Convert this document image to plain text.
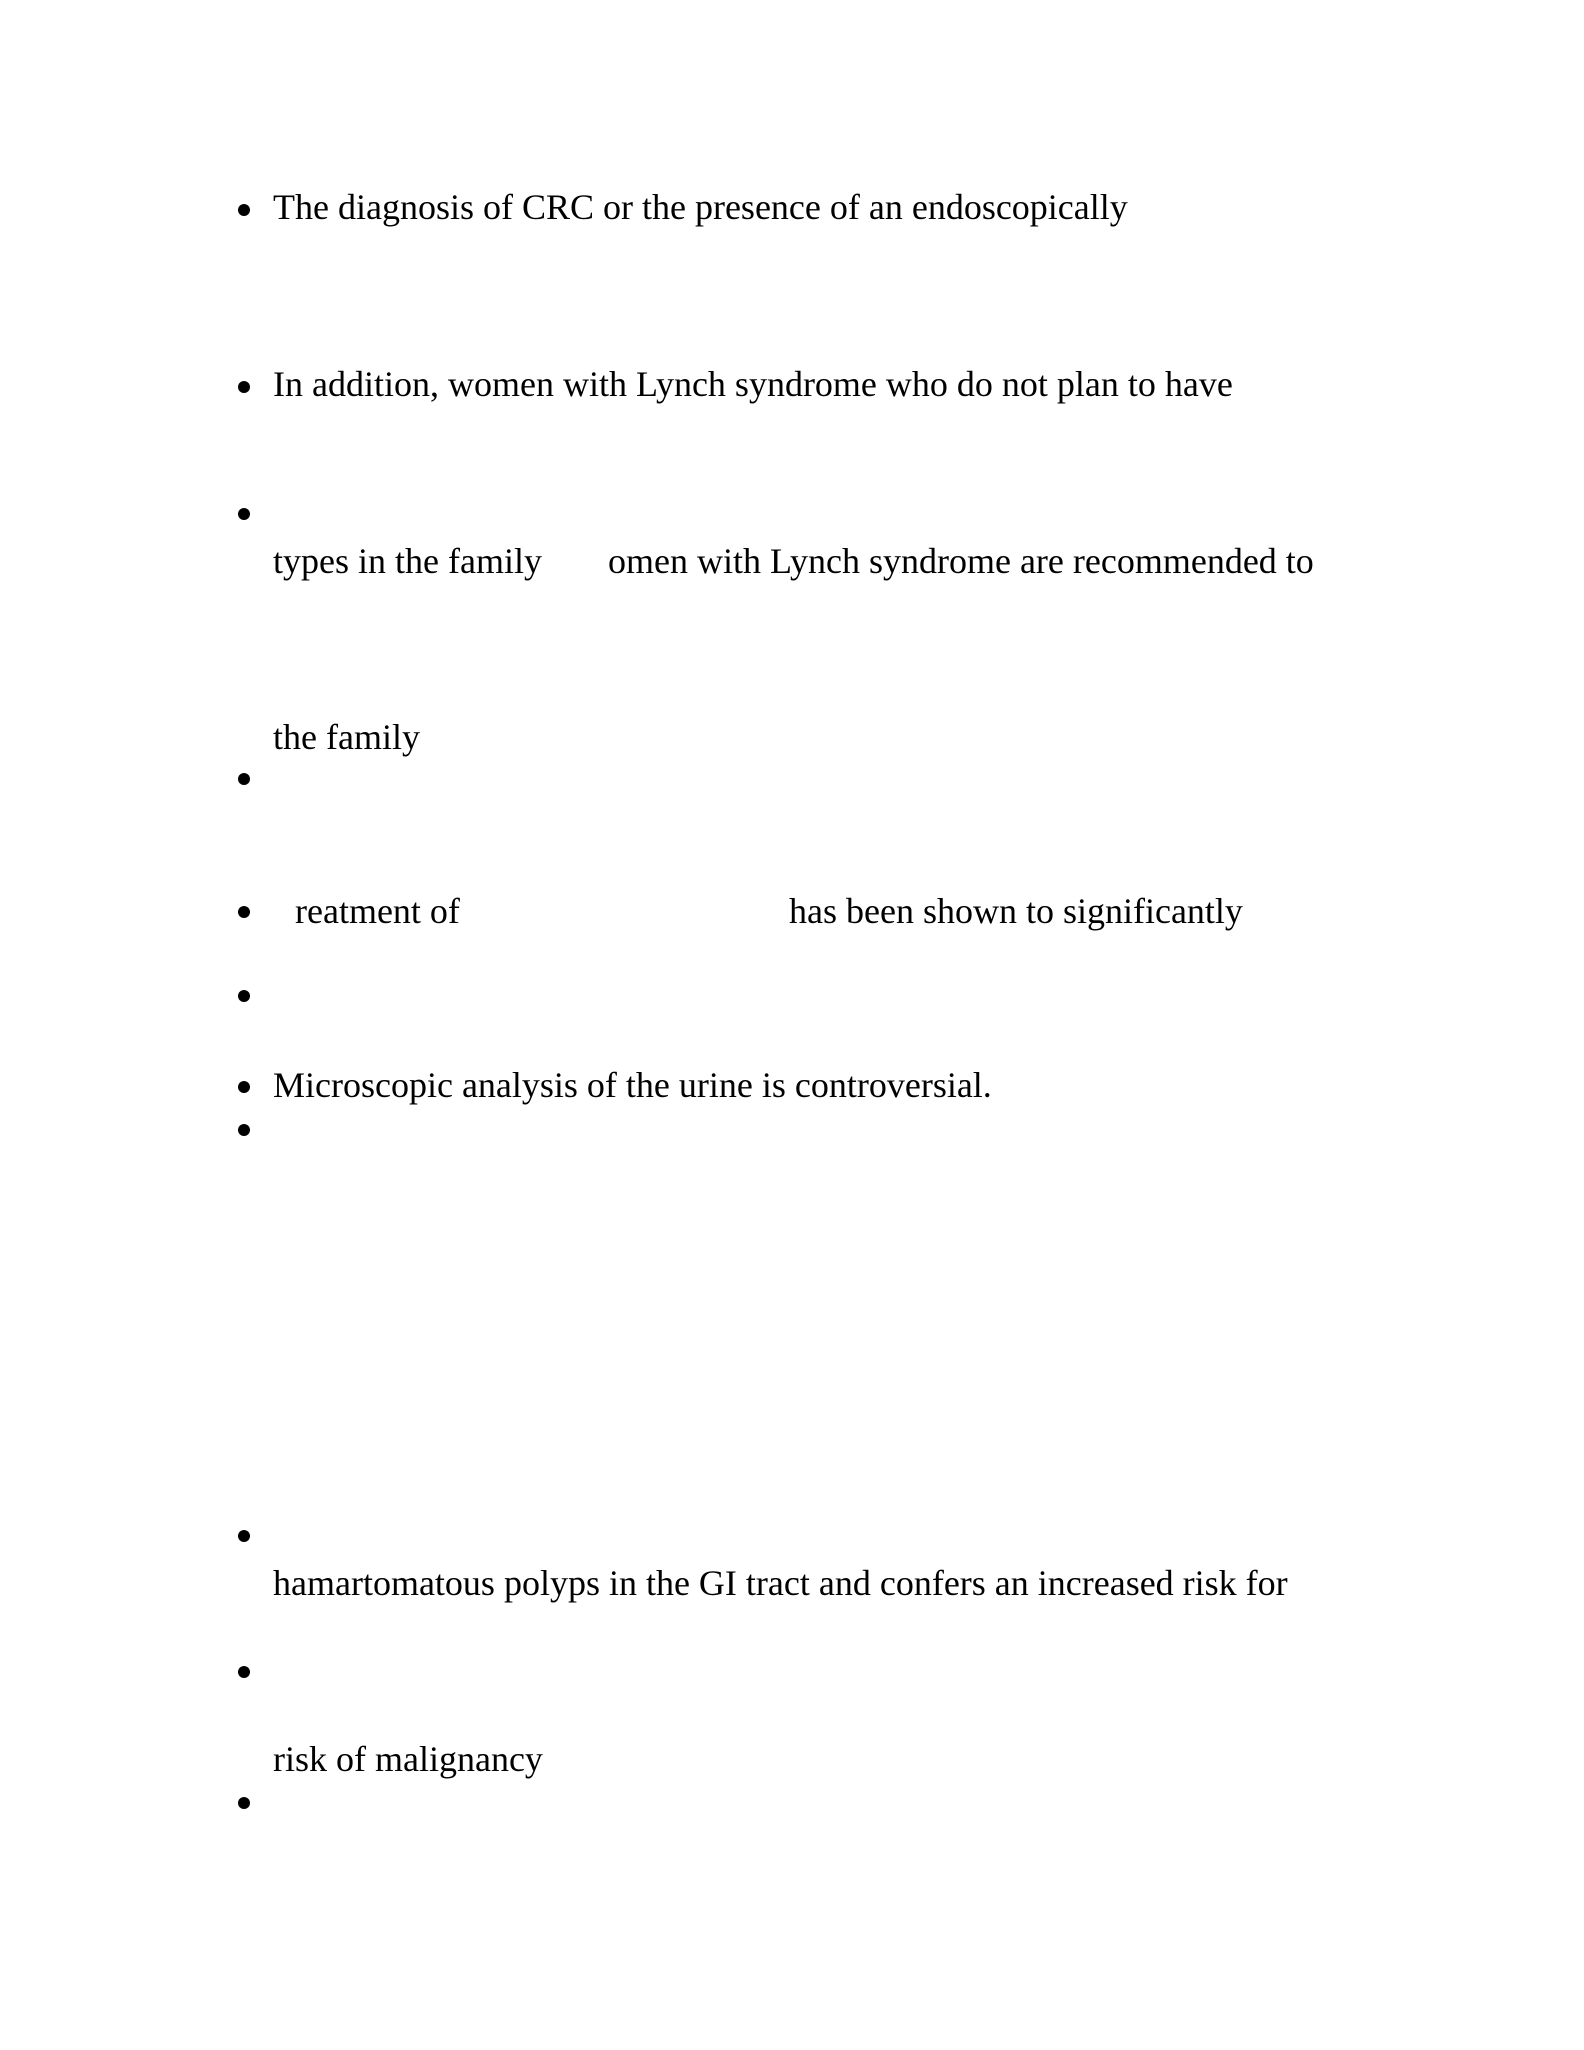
The diagnosis of CRC or the presence of an endoscopically
In addition, women with Lynch syndrome who do not plan to have
types in the family omen with Lynch syndrome are recommended to
the family
reatment of	has been shown to significantly
Microscopic analysis of the urine is controversial.
hamartomatous polyps in the GI tract and confers an increased risk for
risk of malignancy
